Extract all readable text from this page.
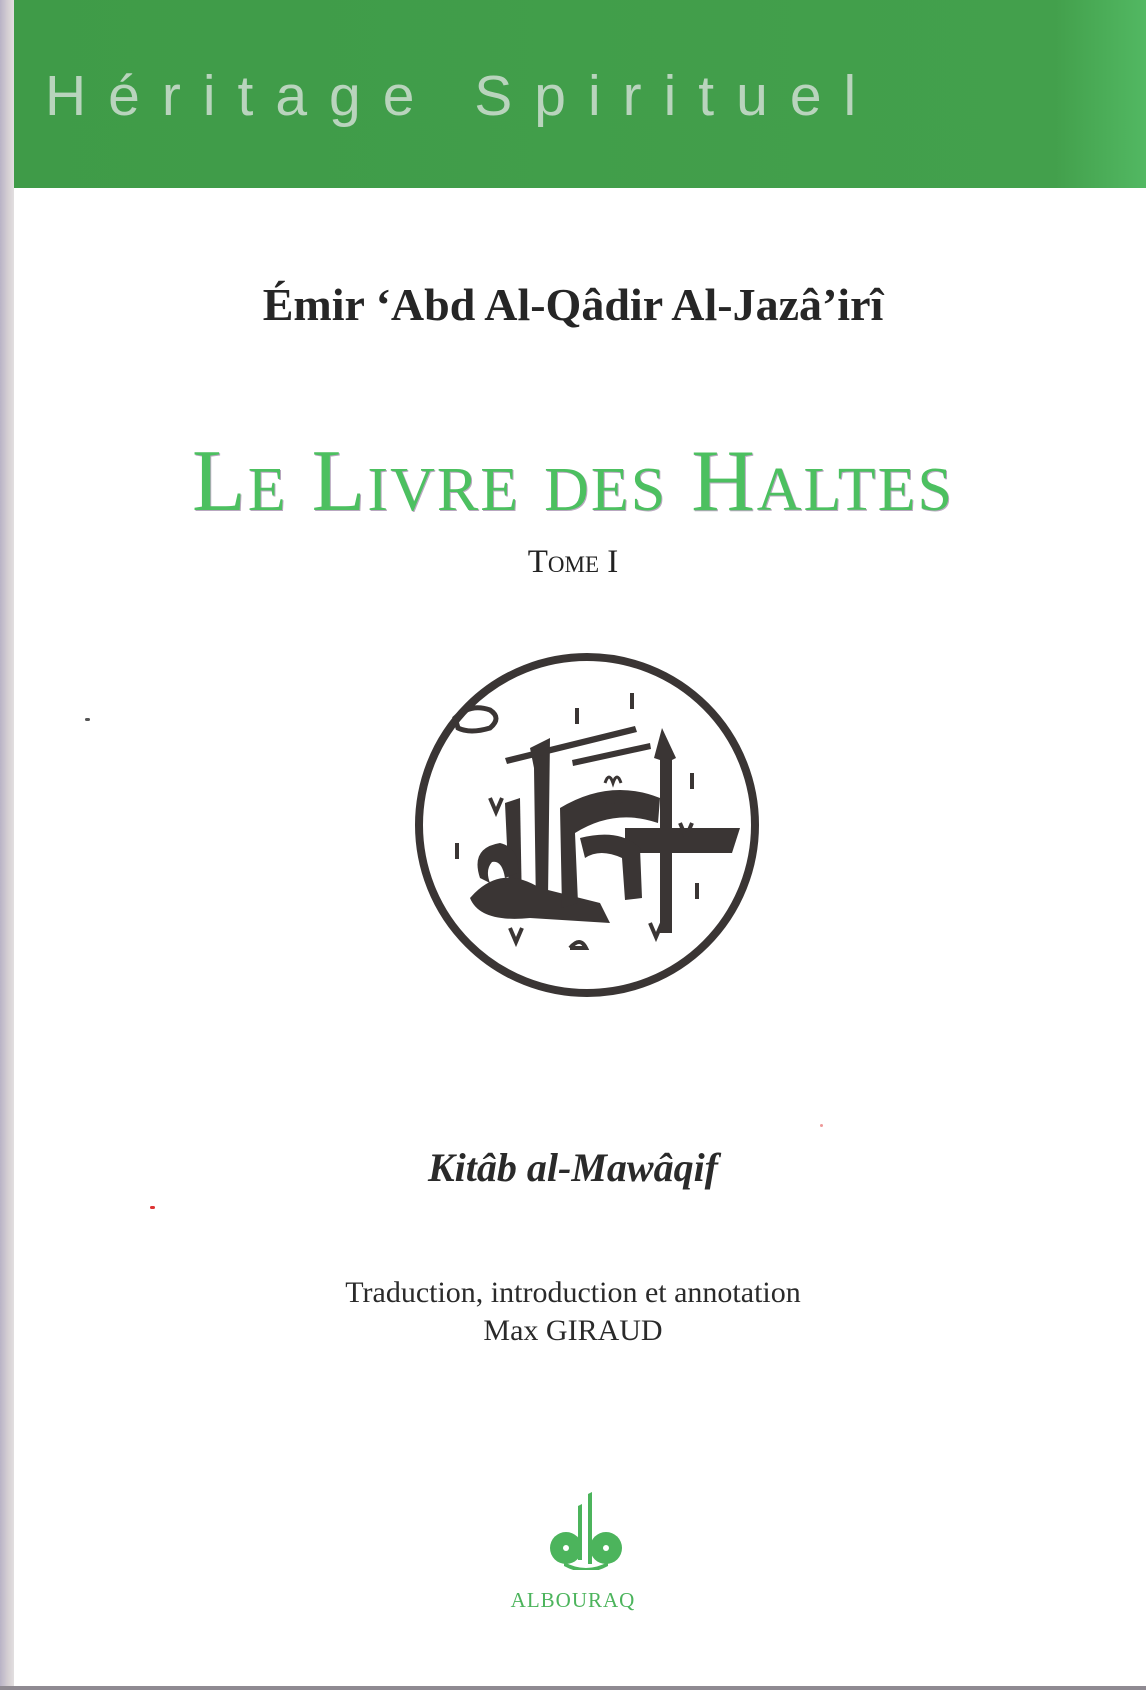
Héritage Spirituel
Émir ‘Abd Al-Qâdir Al-Jazâ’irî
Le Livre des Haltes
Tome I
Kitâb al-Mawâqif
Traduction, introduction et annotation
Max GIRAUD
ALBOURAQ
